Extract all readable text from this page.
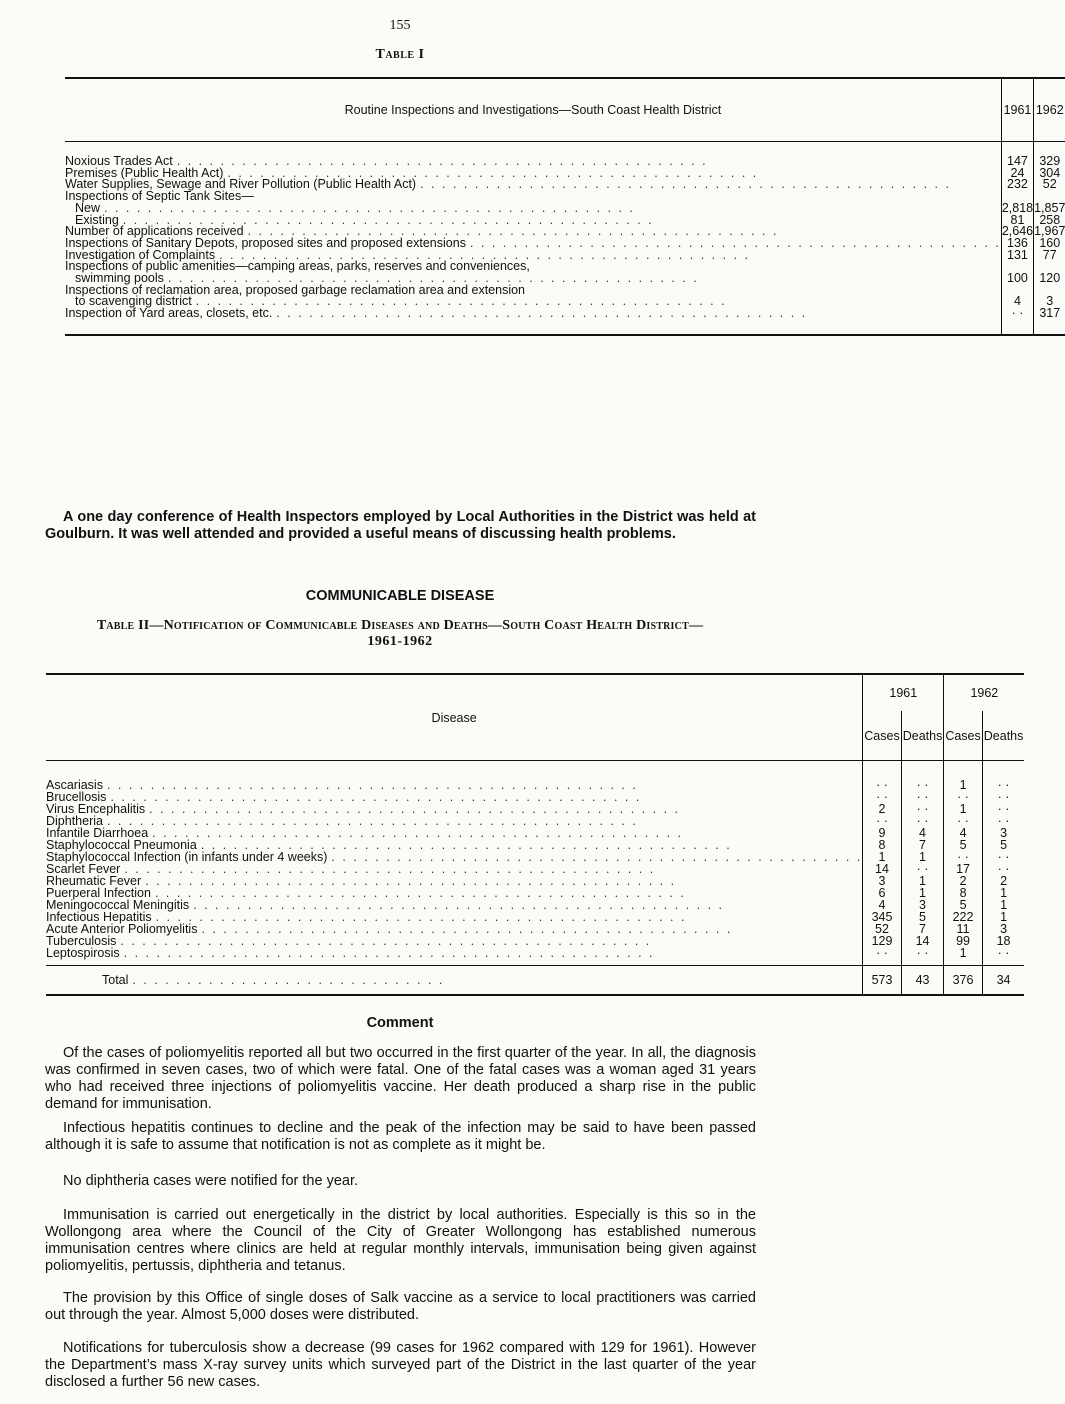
155
Table I
Routine Inspections and Investigations—South Coast Health District	1961	1962

Noxious Trades Act . . . . . . . . . . . . . . . . . . . . . . . . . . . . . . . . . . . . . . . . . . . . . . . . .	147	329

Premises (Public Health Act) . . . . . . . . . . . . . . . . . . . . . . . . . . . . . . . . . . . . . . . . . . . . . . . . .	24	304

Water Supplies, Sewage and River Pollution (Public Health Act) . . . . . . . . . . . . . . . . . . . . . . . . . . . . . . . . . . . . . . . . . . . . . . . . .	232	52

Inspections of Septic Tank Sites—		

New . . . . . . . . . . . . . . . . . . . . . . . . . . . . . . . . . . . . . . . . . . . . . . . . .	2,818	1,857

Existing . . . . . . . . . . . . . . . . . . . . . . . . . . . . . . . . . . . . . . . . . . . . . . . . .	81	258

Number of applications received . . . . . . . . . . . . . . . . . . . . . . . . . . . . . . . . . . . . . . . . . . . . . . . . .	2,646	1,967

Inspections of Sanitary Depots, proposed sites and proposed extensions . . . . . . . . . . . . . . . . . . . . . . . . . . . . . . . . . . . . . . . . . . . . . . . . .	136	160

Investigation of Complaints . . . . . . . . . . . . . . . . . . . . . . . . . . . . . . . . . . . . . . . . . . . . . . . . .	131	77

Inspections of public amenities—camping areas, parks, reserves and conveniences,		

swimming pools . . . . . . . . . . . . . . . . . . . . . . . . . . . . . . . . . . . . . . . . . . . . . . . . .	100	120

Inspections of reclamation area, proposed garbage reclamation area and extension		

to scavenging district . . . . . . . . . . . . . . . . . . . . . . . . . . . . . . . . . . . . . . . . . . . . . . . . .	4	3

Inspection of Yard areas, closets, etc. . . . . . . . . . . . . . . . . . . . . . . . . . . . . . . . . . . . . . . . . . . . . . . . . .	· ·	317

A one day conference of Health Inspectors employed by Local Authorities in the District was held at Goulburn. It was well attended and provided a useful means of discussing health problems.

COMMUNICABLE DISEASE
Table II—Notification of Communicable Diseases and Deaths—South Coast Health District—
1961-1962
Disease	1961		1962	
	Cases	Deaths	Cases	Deaths

Ascariasis . . . . . . . . . . . . . . . . . . . . . . . . . . . . . . . . . . . . . . . . . . . . . . . . .	· ·	· ·	1	· ·

Brucellosis . . . . . . . . . . . . . . . . . . . . . . . . . . . . . . . . . . . . . . . . . . . . . . . . .	· ·	· ·	· ·	· ·

Virus Encephalitis . . . . . . . . . . . . . . . . . . . . . . . . . . . . . . . . . . . . . . . . . . . . . . . . .	2	· ·	1	· ·

Diphtheria . . . . . . . . . . . . . . . . . . . . . . . . . . . . . . . . . . . . . . . . . . . . . . . . .	· ·	· ·	· ·	· ·

Infantile Diarrhoea . . . . . . . . . . . . . . . . . . . . . . . . . . . . . . . . . . . . . . . . . . . . . . . . .	9	4	4	3

Staphylococcal Pneumonia . . . . . . . . . . . . . . . . . . . . . . . . . . . . . . . . . . . . . . . . . . . . . . . . .	8	7	5	5

Staphylococcal Infection (in infants under 4 weeks) . . . . . . . . . . . . . . . . . . . . . . . . . . . . . . . . . . . . . . . . . . . . . . . . .	1	1	· ·	· ·

Scarlet Fever . . . . . . . . . . . . . . . . . . . . . . . . . . . . . . . . . . . . . . . . . . . . . . . . .	14	· ·	17	· ·

Rheumatic Fever . . . . . . . . . . . . . . . . . . . . . . . . . . . . . . . . . . . . . . . . . . . . . . . . .	3	1	2	2

Puerperal Infection . . . . . . . . . . . . . . . . . . . . . . . . . . . . . . . . . . . . . . . . . . . . . . . . .	6	1	8	1

Meningococcal Meningitis . . . . . . . . . . . . . . . . . . . . . . . . . . . . . . . . . . . . . . . . . . . . . . . . .	4	3	5	1

Infectious Hepatitis . . . . . . . . . . . . . . . . . . . . . . . . . . . . . . . . . . . . . . . . . . . . . . . . .	345	5	222	1

Acute Anterior Poliomyelitis . . . . . . . . . . . . . . . . . . . . . . . . . . . . . . . . . . . . . . . . . . . . . . . . .	52	7	11	3

Tuberculosis . . . . . . . . . . . . . . . . . . . . . . . . . . . . . . . . . . . . . . . . . . . . . . . . .	129	14	99	18

Leptospirosis . . . . . . . . . . . . . . . . . . . . . . . . . . . . . . . . . . . . . . . . . . . . . . . . .	· ·	· ·	1	· ·

Total . . . . . . . . . . . . . . . . . . . . . . . . . . . . .	573	43	376	34
Comment

Of the cases of poliomyelitis reported all but two occurred in the first quarter of the year. In all, the diagnosis was confirmed in seven cases, two of which were fatal. One of the fatal cases was a woman aged 31 years who had received three injections of poliomyelitis vaccine. Her death produced a sharp rise in the public demand for immunisation.

Infectious hepatitis continues to decline and the peak of the infection may be said to have been passed although it is safe to assume that notification is not as complete as it might be.

No diphtheria cases were notified for the year.

Immunisation is carried out energetically in the district by local authorities. Especially is this so in the Wollongong area where the Council of the City of Greater Wollongong has established numerous immunisation centres where clinics are held at regular monthly intervals, immunisation being given against poliomyelitis, pertussis, diphtheria and tetanus.

The provision by this Office of single doses of Salk vaccine as a service to local practitioners was carried out through the year. Almost 5,000 doses were distributed.

Notifications for tuberculosis show a decrease (99 cases for 1962 compared with 129 for 1961). However the Department’s mass X-ray survey units which surveyed part of the District in the last quarter of the year disclosed a further 56 new cases.
